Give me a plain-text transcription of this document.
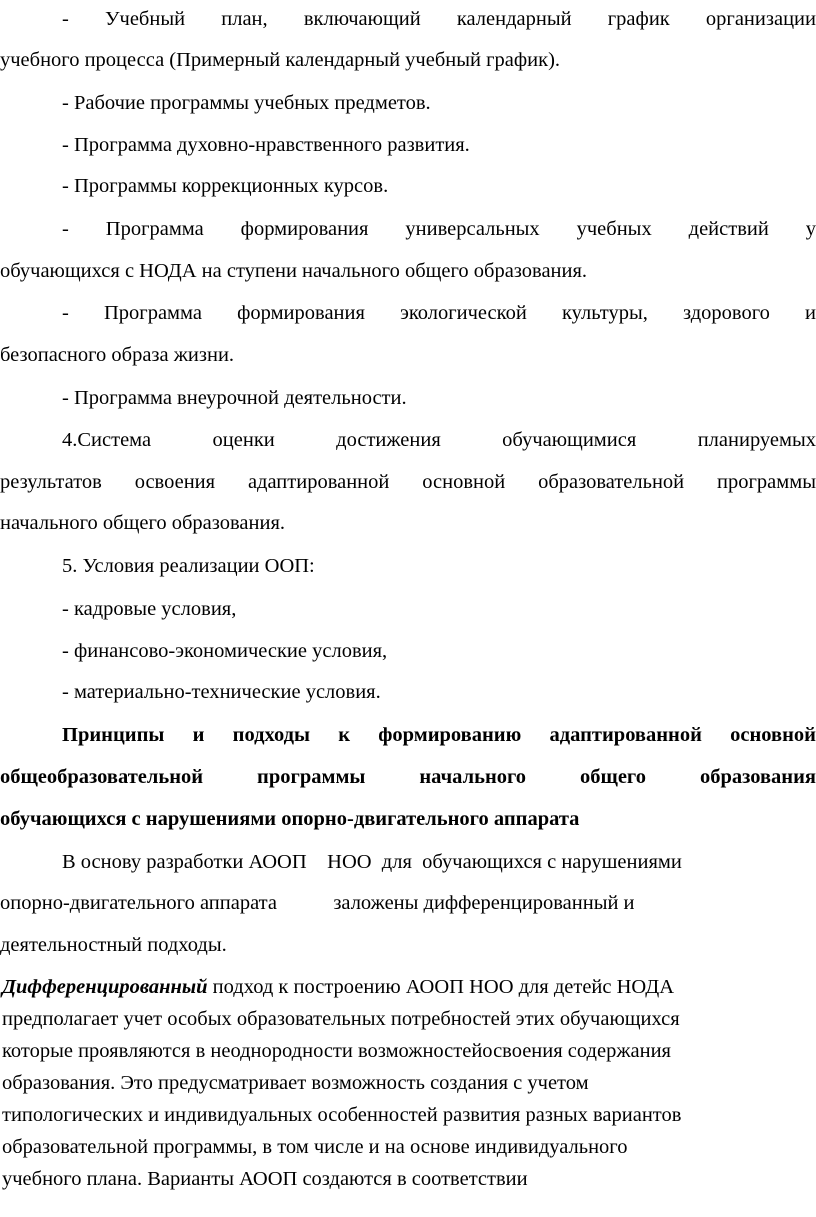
- Учебный план, включающий календарный график организации
учебного процесса (Примерный календарный учебный график).
- Рабочие программы учебных предметов.
- Программа духовно-нравственного развития.
- Программы коррекционных курсов.
- Программа формирования универсальных учебных действий у
обучающихся с НОДА на ступени начального общего образования.
- Программа формирования экологической культуры, здорового и
безопасного образа жизни.
- Программа внеурочной деятельности.
4.Система оценки достижения обучающимися планируемых
результатов освоения адаптированной основной образовательной программы
начального общего образования.
5. Условия реализации ООП:
- кадровые условия,
- финансово-экономические условия,
- материально-технические условия.
Принципы и подходы к формированию адаптированной основной
общеобразовательной программы начального общего образования
обучающихся с нарушениями опорно-двигательного аппарата
В основу разработки АООП    НОО  для  обучающихся с нарушениями
опорно-двигательного аппарата           заложены дифференцированный и
деятельностный подходы.
Дифференцированный подход к построению АООП НОО для детейс НОДА
предполагает учет особых образовательных потребностей этих обучающихся
которые проявляются в неоднородности возможностейосвоения содержания
образования. Это предусматривает возможность создания с учетом
типологических и индивидуальных особенностей развития разных вариантов
образовательной программы, в том числе и на основе индивидуального
учебного плана. Варианты АООП создаются в соответствии
